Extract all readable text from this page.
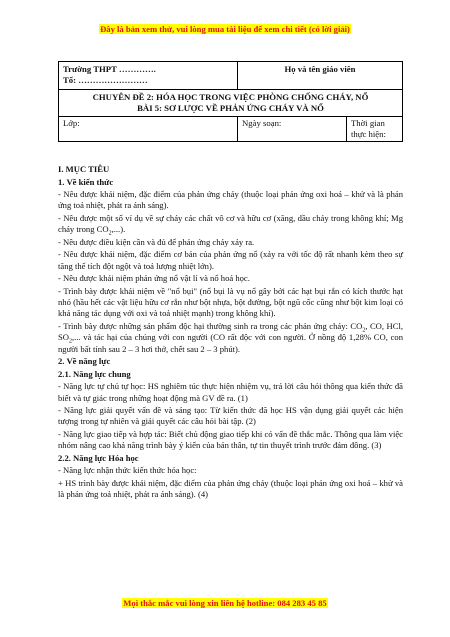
Đây là bản xem thử, vui lòng mua tài liệu để xem chi tiết (có lời giải)
Trường THPT ………….
Tổ: ……………………	Họ và tên giáo viên	

CHUYÊN ĐỀ 2: HÓA HỌC TRONG VIỆC PHÒNG CHỐNG CHÁY, NỔ
BÀI 5: SƠ LƯỢC VỀ PHẢN ỨNG CHÁY VÀ NỔ		

Lớp:	Ngày soạn:	Thời gian thực hiện:
I. MỤC TIÊU
1. Về kiến thức
- Nêu được khái niệm, đặc điểm của phản ứng cháy (thuộc loại phản ứng oxi hoá – khử và là phản ứng toả nhiệt, phát ra ánh sáng).
- Nêu được một số ví dụ về sự cháy các chất vô cơ và hữu cơ (xăng, dầu cháy trong không khí; Mg cháy trong $CO_2$,...).
- Nêu được điều kiện cần và đủ để phản ứng cháy xảy ra.
- Nêu được khái niệm, đặc điểm cơ bản của phản ứng nổ (xảy ra với tốc độ rất nhanh kèm theo sự tăng thể tích đột ngột và toả lượng nhiệt lớn).
- Nêu được khái niệm phản ứng nổ vật lí và nổ hoá học.
- Trình bày được khái niệm về "nổ bụi" (nổ bụi là vụ nổ gây bởi các hạt bụi rắn có kích thước hạt nhỏ (hầu hết các vật liệu hữu cơ rắn như bột nhựa, bột đường, bột ngũ cốc cũng như bột kim loại có khả năng tác dụng với oxi và toả nhiệt mạnh) trong không khí).
- Trình bày được những sản phẩm độc hại thường sinh ra trong các phản ứng cháy: $CO_2$, CO, HCl, $SO_2$,... và tác hại của chúng với con người (CO rất độc với con người. Ở nồng độ 1,28% CO, con người bất tỉnh sau 2 – 3 hơi thở, chết sau 2 – 3 phút).
2. Về năng lực
2.1. Năng lực chung
- Năng lực tự chủ tự học: HS nghiêm túc thực hiện nhiệm vụ, trả lời câu hỏi thông qua kiến thức đã biết và tự giác trong những hoạt động mà GV đề ra. (1)
- Năng lực giải quyết vấn đề và sáng tạo: Từ kiến thức đã học HS vận dụng giải quyết các hiện tượng trong tự nhiên và giải quyết các câu hỏi bài tập. (2)
- Năng lực giao tiếp và hợp tác: Biết chủ động giao tiếp khi có vấn đề thắc mắc. Thông qua làm việc nhóm nâng cao khả năng trình bày ý kiến của bản thân, tự tin thuyết trình trước đám đông. (3)
2.2. Năng lực Hóa học
- Năng lực nhận thức kiến thức hóa học:
+ HS trình bày được khái niệm, đặc điểm của phản ứng cháy (thuộc loại phản ứng oxi hoá – khử và là phản ứng toả nhiệt, phát ra ánh sáng). (4)
Mọi thắc mắc vui lòng xin liên hệ hotline: 084 283 45 85
